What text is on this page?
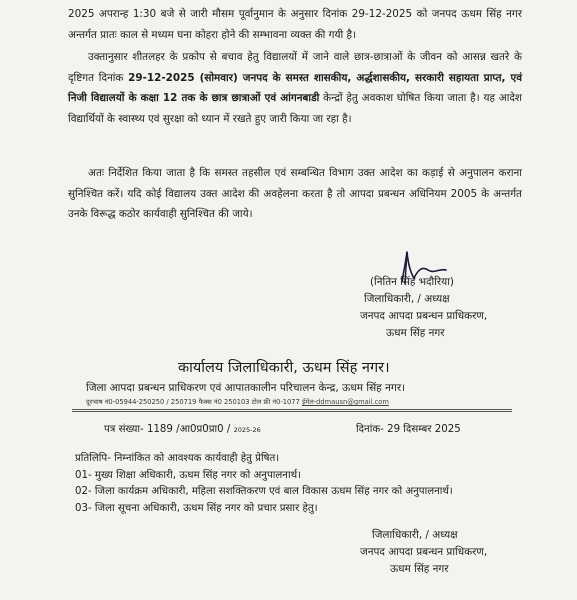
2025 अपरान्ह 1:30 बजे से जारी मौसम पूर्वानुमान के अनुसार दिनांक 29-12-2025 को जनपद ऊधम सिंह नगर अन्तर्गत प्रातः काल से मध्यम घना कोहरा होने की सम्भावना व्यक्त की गयी है।
उक्तानुसार शीतलहर के प्रकोप से बचाव हेतु विद्यालयों में जाने वाले छात्र-छात्राओं के जीवन को आसन्न खतरे के दृष्टिगत दिनांक 29-12-2025 (सोमवार) जनपद के समस्त शासकीय, अर्द्धशासकीय, सरकारी सहायता प्राप्त, एवं निजी विद्यालयों के कक्षा 12 तक के छात्र छात्राओं एवं आंगनबाडी केन्द्रों हेतु अवकाश घोषित किया जाता है। यह आदेश विद्यार्थियों के स्वास्थ्य एवं सुरक्षा को ध्यान में रखते हुए जारी किया जा रहा है।
अतः निर्देशित किया जाता है कि समस्त तहसील एवं सम्बन्धित विभाग उक्त आदेश का कड़ाई से अनुपालन कराना सुनिश्चित करें। यदि कोई विद्यालय उक्त आदेश की अवहेलना करता है तो आपदा प्रबन्धन अधिनियम 2005 के अन्तर्गत उनके विरूद्ध कठोर कार्यवाही सुनिश्चित की जाये।
(नितिन सिंह भदौरिया)
जिलाधिकारी, / अध्यक्ष
जनपद आपदा प्रबन्धन प्राधिकरण,
ऊधम सिंह नगर
कार्यालय जिलाधिकारी, ऊधम सिंह नगर।
जिला आपदा प्रबन्धन प्राधिकरण एवं आपातकालीन परिचालन केन्द्र, ऊधम सिंह नगर।
दूरभाष नं0-05944-250250 / 250719 फैक्स नं0 250103 टोल फ्री नं0-1077 ईमेल-ddmausn@gmail.com
पत्र संख्या- 1189 /आ0प्र0प्रा0 / 2025-26	दिनांक- 29 दिसम्बर 2025
प्रतिलिपि- निम्नांकित को आवश्यक कार्यवाही हेतु प्रेषित।
01- मुख्य शिक्षा अधिकारी, ऊधम सिंह नगर को अनुपालनार्थ।
02- जिला कार्यक्रम अधिकारी, महिला सशक्तिकरण एवं बाल विकास ऊधम सिंह नगर को अनुपालनार्थ।
03- जिला सूचना अधिकारी, ऊधम सिंह नगर को प्रचार प्रसार हेतु।
जिलाधिकारी, / अध्यक्ष
जनपद आपदा प्रबन्धन प्राधिकरण,
ऊधम सिंह नगर
